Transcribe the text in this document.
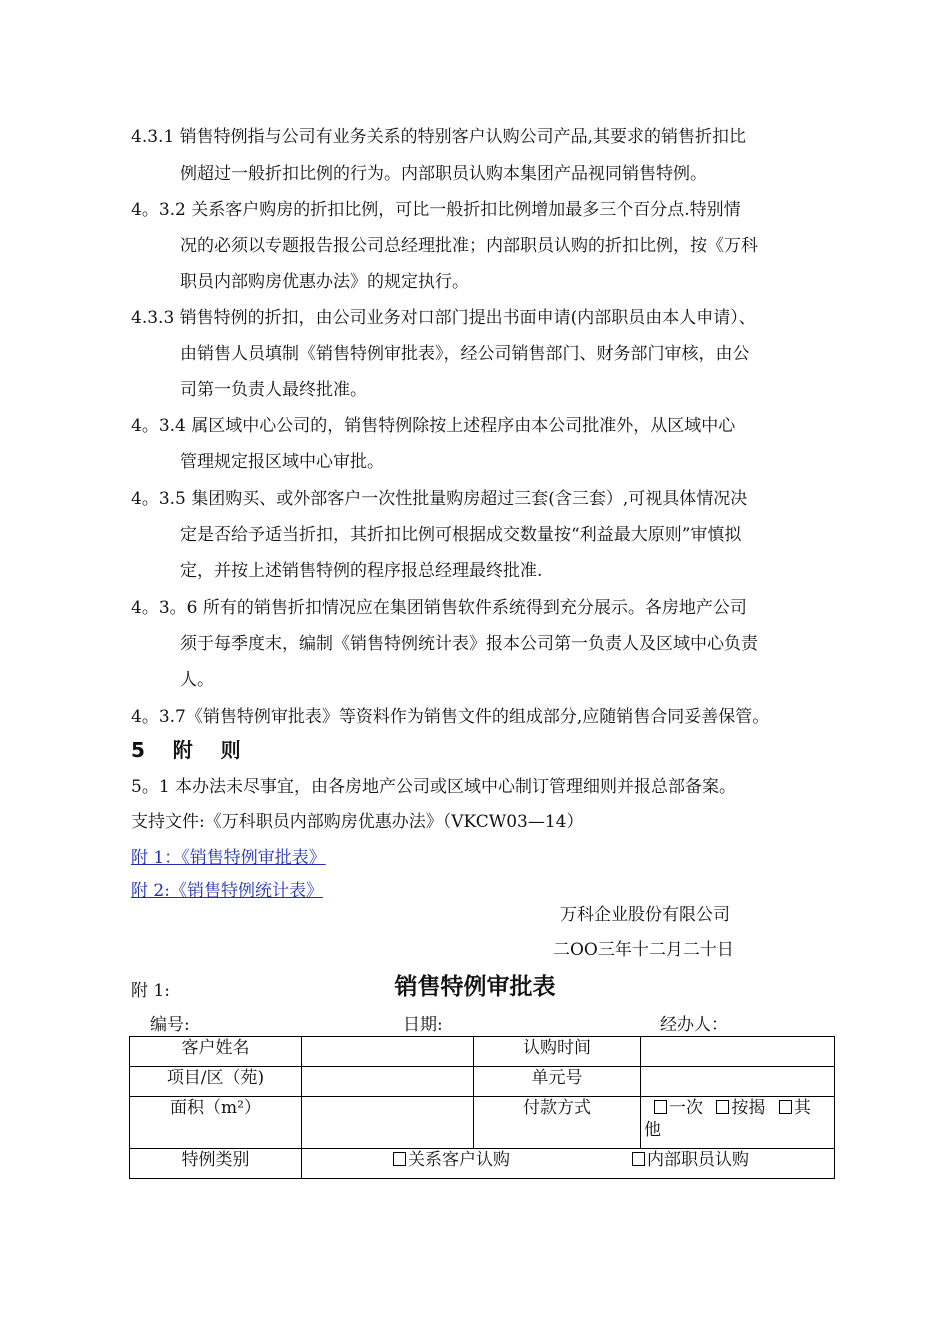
4.3.1 销售特例指与公司有业务关系的特别客户认购公司产品,其要求的销售折扣比
例超过一般折扣比例的行为。内部职员认购本集团产品视同销售特例。
4。3.2 关系客户购房的折扣比例，可比一般折扣比例增加最多三个百分点.特别情
况的必须以专题报告报公司总经理批准；内部职员认购的折扣比例，按《万科
职员内部购房优惠办法》的规定执行。
4.3.3 销售特例的折扣，由公司业务对口部门提出书面申请(内部职员由本人申请）、
由销售人员填制《销售特例审批表》，经公司销售部门、财务部门审核，由公
司第一负责人最终批准。
4。3.4 属区域中心公司的，销售特例除按上述程序由本公司批准外，从区域中心
管理规定报区域中心审批。
4。3.5 集团购买、或外部客户一次性批量购房超过三套(含三套）,可视具体情况决
定是否给予适当折扣，其折扣比例可根据成交数量按“利益最大原则”审慎拟
定，并按上述销售特例的程序报总经理最终批准.
4。3。6 所有的销售折扣情况应在集团销售软件系统得到充分展示。各房地产公司
须于每季度末，编制《销售特例统计表》报本公司第一负责人及区域中心负责
人。
4。3.7《销售特例审批表》等资料作为销售文件的组成部分,应随销售合同妥善保管。
5    附    则
5。1 本办法未尽事宜，由各房地产公司或区域中心制订管理细则并报总部备案。
支持文件:《万科职员内部购房优惠办法》（VKCW03—14）
附 1：《销售特例审批表》
附 2:《销售特例统计表》
万科企业股份有限公司
二OO三年十二月二十日
附 1:	销售特例审批表
编号:	日期:	经办人：
客户姓名		认购时间	
项目/区（苑)		单元号	
面积（m²）		付款方式	一次 按揭 其
他

特例类别	关系客户认购 内部职员认购		
